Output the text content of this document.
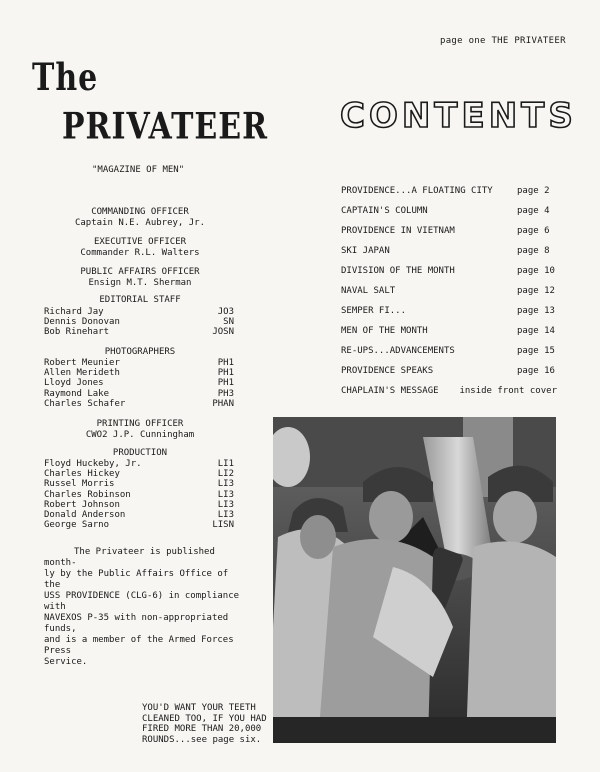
page one THE PRIVATEER
The
PRIVATEER CONTENTS
"MAGAZINE OF MEN"
COMMANDING OFFICER
Captain N.E. Aubrey, Jr.
EXECUTIVE OFFICER
Commander R.L. Walters
PUBLIC AFFAIRS OFFICER
Ensign M.T. Sherman
EDITORIAL STAFF
Richard Jay	JO3
Dennis Donovan	SN
Bob Rinehart	JOSN
PHOTOGRAPHERS
Robert Meunier	PH1
Allen Merideth	PH1
Lloyd Jones	PH1
Raymond Lake	PH3
Charles Schafer	PHAN
PRINTING OFFICER
CWO2 J.P. Cunningham
PRODUCTION
Floyd Huckeby, Jr.	LI1
Charles Hickey	LI2
Russel Morris	LI3
Charles Robinson	LI3
Robert Johnson	LI3
Donald Anderson	LI3
George Sarno	LISN
The Privateer is published month-
ly by the Public Affairs Office of the
USS PROVIDENCE (CLG-6) in compliance with
NAVEXOS P-35 with non-appropriated funds,
and is a member of the Armed Forces Press
Service.
PROVIDENCE...A FLOATING CITY	page 2
CAPTAIN'S COLUMN	page 4
PROVIDENCE IN VIETNAM	page 6
SKI JAPAN	page 8
DIVISION OF THE MONTH	page 10
NAVAL SALT	page 12
SEMPER FI...	page 13
MEN OF THE MONTH	page 14
RE-UPS...ADVANCEMENTS	page 15
PROVIDENCE SPEAKS	page 16
CHAPLAIN'S MESSAGE inside front cover
YOU'D WANT YOUR TEETH
CLEANED TOO, IF YOU HAD
FIRED MORE THAN 20,000
ROUNDS...see page six.
